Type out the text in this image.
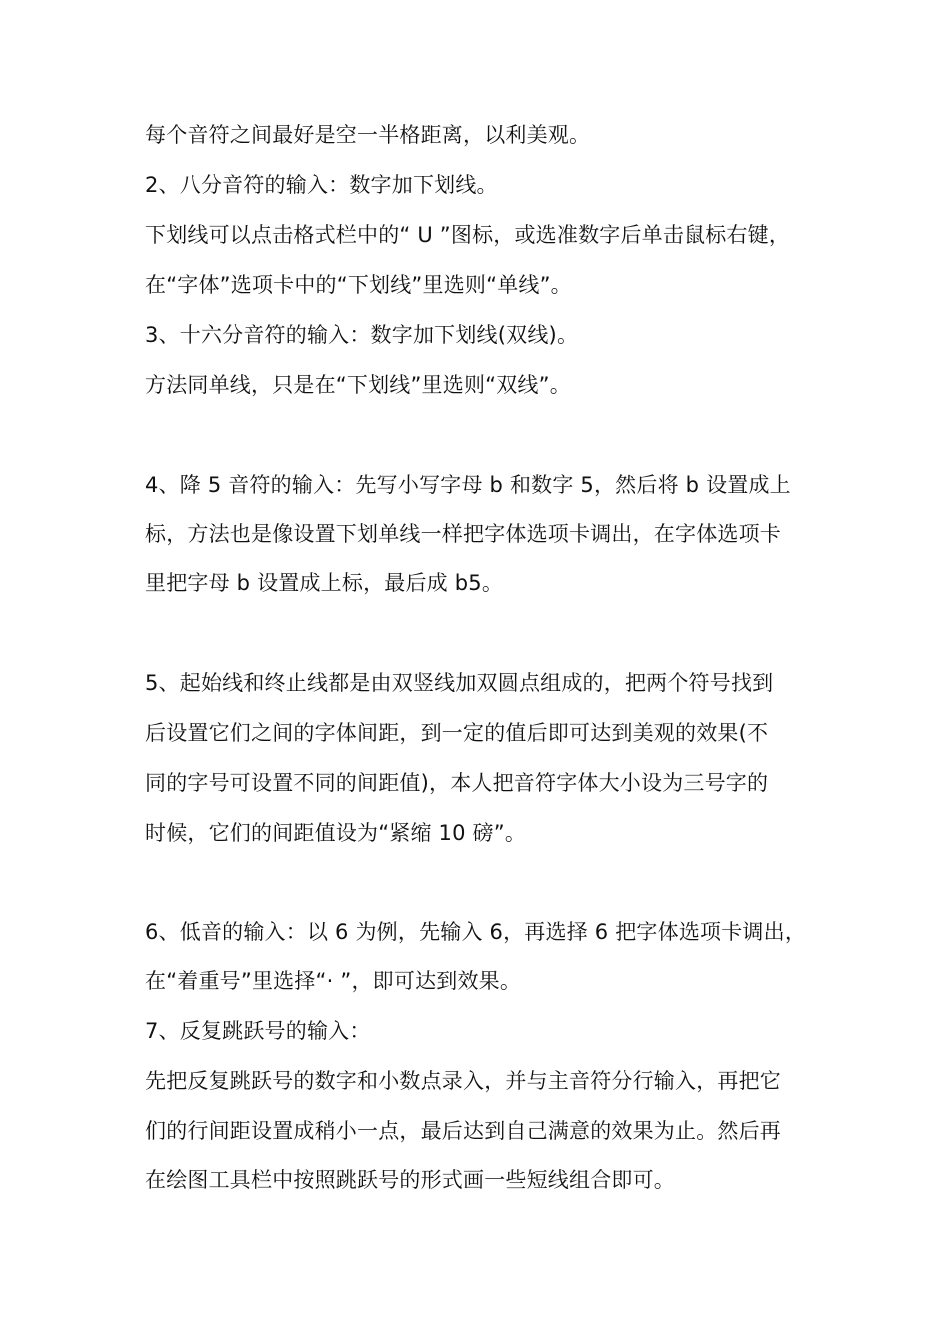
每个音符之间最好是空一半格距离，以利美观。
2、八分音符的输入：数字加下划线。
下划线可以点击格式栏中的“ U ”图标，或选准数字后单击鼠标右键，
在“字体”选项卡中的“下划线”里选则“单线”。
3、十六分音符的输入：数字加下划线(双线)。
方法同单线，只是在“下划线”里选则“双线”。
4、降 5 音符的输入：先写小写字母 b 和数字 5，然后将 b 设置成上
标，方法也是像设置下划单线一样把字体选项卡调出，在字体选项卡
里把字母 b 设置成上标，最后成 b5。
5、起始线和终止线都是由双竖线加双圆点组成的，把两个符号找到
后设置它们之间的字体间距，到一定的值后即可达到美观的效果(不
同的字号可设置不同的间距值)，本人把音符字体大小设为三号字的
时候，它们的间距值设为“紧缩 10 磅”。
6、低音的输入：以 6 为例，先输入 6，再选择 6 把字体选项卡调出，
在“着重号”里选择“· ”，即可达到效果。
7、反复跳跃号的输入：
先把反复跳跃号的数字和小数点录入，并与主音符分行输入，再把它
们的行间距设置成稍小一点，最后达到自己满意的效果为止。然后再
在绘图工具栏中按照跳跃号的形式画一些短线组合即可。
